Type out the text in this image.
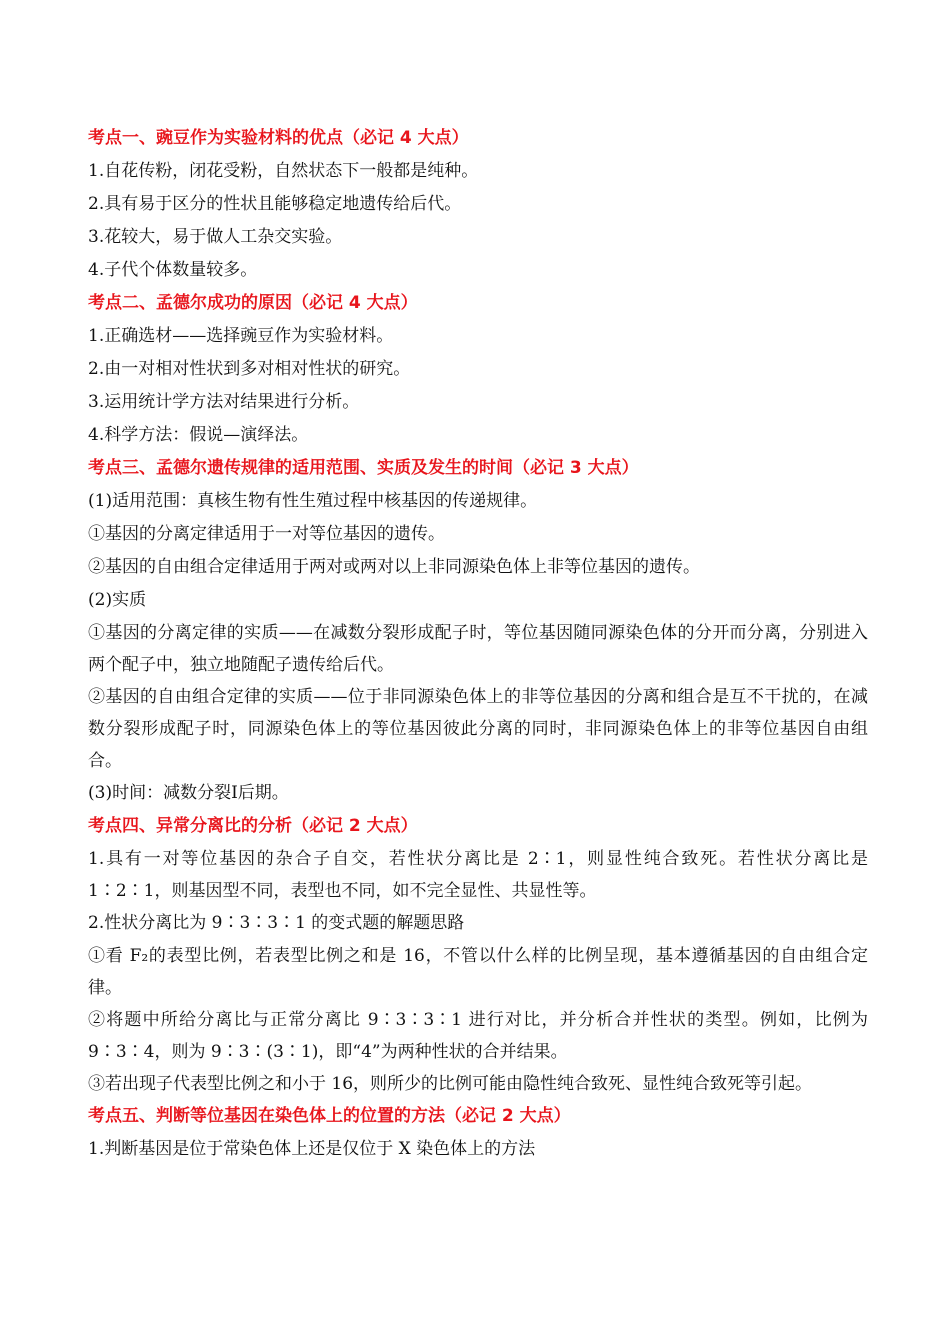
考点一、豌豆作为实验材料的优点（必记 4 大点）
1.自花传粉，闭花受粉，自然状态下一般都是纯种。
2.具有易于区分的性状且能够稳定地遗传给后代。
3.花较大，易于做人工杂交实验。
4.子代个体数量较多。
考点二、孟德尔成功的原因（必记 4 大点）
1.正确选材——选择豌豆作为实验材料。
2.由一对相对性状到多对相对性状的研究。
3.运用统计学方法对结果进行分析。
4.科学方法：假说—演绎法。
考点三、孟德尔遗传规律的适用范围、实质及发生的时间（必记 3 大点）
(1)适用范围：真核生物有性生殖过程中核基因的传递规律。
①基因的分离定律适用于一对等位基因的遗传。
②基因的自由组合定律适用于两对或两对以上非同源染色体上非等位基因的遗传。
(2)实质
①基因的分离定律的实质——在减数分裂形成配子时，等位基因随同源染色体的分开而分离，分别进入两个配子中，独立地随配子遗传给后代。
②基因的自由组合定律的实质——位于非同源染色体上的非等位基因的分离和组合是互不干扰的，在减数分裂形成配子时，同源染色体上的等位基因彼此分离的同时，非同源染色体上的非等位基因自由组合。
(3)时间：减数分裂Ⅰ后期。
考点四、异常分离比的分析（必记 2 大点）
1.具有一对等位基因的杂合子自交，若性状分离比是 2∶1，则显性纯合致死。若性状分离比是 1∶2∶1，则基因型不同，表型也不同，如不完全显性、共显性等。
2.性状分离比为 9∶3∶3∶1 的变式题的解题思路
①看 F₂的表型比例，若表型比例之和是 16，不管以什么样的比例呈现，基本遵循基因的自由组合定律。
②将题中所给分离比与正常分离比 9∶3∶3∶1 进行对比，并分析合并性状的类型。例如，比例为 9∶3∶4，则为 9∶3∶(3∶1)，即“4”为两种性状的合并结果。
③若出现子代表型比例之和小于 16，则所少的比例可能由隐性纯合致死、显性纯合致死等引起。
考点五、判断等位基因在染色体上的位置的方法（必记 2 大点）
1.判断基因是位于常染色体上还是仅位于 X 染色体上的方法
